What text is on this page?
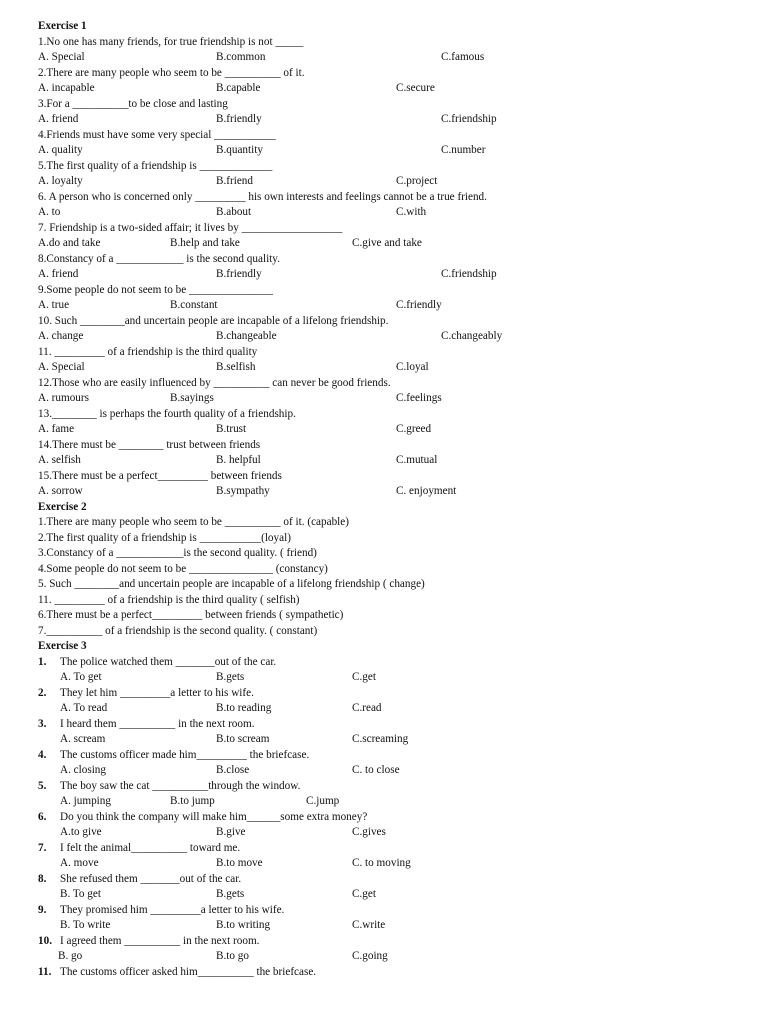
Exercise 1
1.No one has many friends, for true friendship is not _____
A. Special	B.common	C.famous
2.There are many people who seem to be __________ of it.
A. incapable	B.capable	C.secure
3.For a __________to be close and lasting
A. friend	B.friendly	C.friendship
4.Friends must have some very special ___________
A. quality	B.quantity	C.number
5.The first quality of a friendship is _____________
A. loyalty	B.friend	C.project
6. A person who is concerned only _________ his own interests and feelings cannot be a true friend.
A. to	B.about	C.with
7. Friendship is a two-sided affair; it lives by __________________
A.do and take	B.help and take	C.give and take
8.Constancy of a ____________ is the second quality.
A. friend	B.friendly	C.friendship
9.Some people do not seem to be _______________
A. true	B.constant	C.friendly
10. Such ________and uncertain people are incapable of a lifelong friendship.
A. change	B.changeable	C.changeably
11. _________ of a friendship is the third quality
A. Special	B.selfish	C.loyal
12.Those who are easily influenced by __________ can never be good friends.
A. rumours	B.sayings	C.feelings
13.________ is perhaps the fourth quality of a friendship.
A. fame	B.trust	C.greed
14.There must be ________ trust between friends
A. selfish	B. helpful	C.mutual
15.There must be a perfect_________ between friends
A. sorrow	B.sympathy	C. enjoyment
Exercise 2
1.There are many people who seem to be __________ of it. (capable)
2.The first quality of a friendship is ___________(loyal)
3.Constancy of a ____________is the second quality. ( friend)
4.Some people do not seem to be _______________ (constancy)
5. Such ________and uncertain people are incapable of a lifelong friendship ( change)
11. _________ of a friendship is the third quality ( selfish)
6.There must be a perfect_________ between friends ( sympathetic)
7.__________ of a friendship is the second quality. ( constant)
Exercise 3
1. The police watched them _______out of the car.
A. To get	B.gets	C.get
2. They let him _________a letter to his wife.
A. To read	B.to reading	C.read
3. I heard them __________ in the next room.
A. scream	B.to scream	C.screaming
4. The customs officer made him_________ the briefcase.
A. closing	B.close	C. to close
5. The boy saw the cat __________through the window.
A. jumping	B.to jump	C.jump
6. Do you think the company will make him______some extra money?
A.to give	B.give	C.gives
7. I felt the animal__________ toward me.
A. move	B.to move	C. to moving
8. She refused them _______out of the car.
B. To get	B.gets	C.get
9. They promised him _________a letter to his wife.
B. To write	B.to writing	C.write
10. I agreed them __________ in the next room.
B. go	B.to go	C.going
11. The customs officer asked him__________ the briefcase.
